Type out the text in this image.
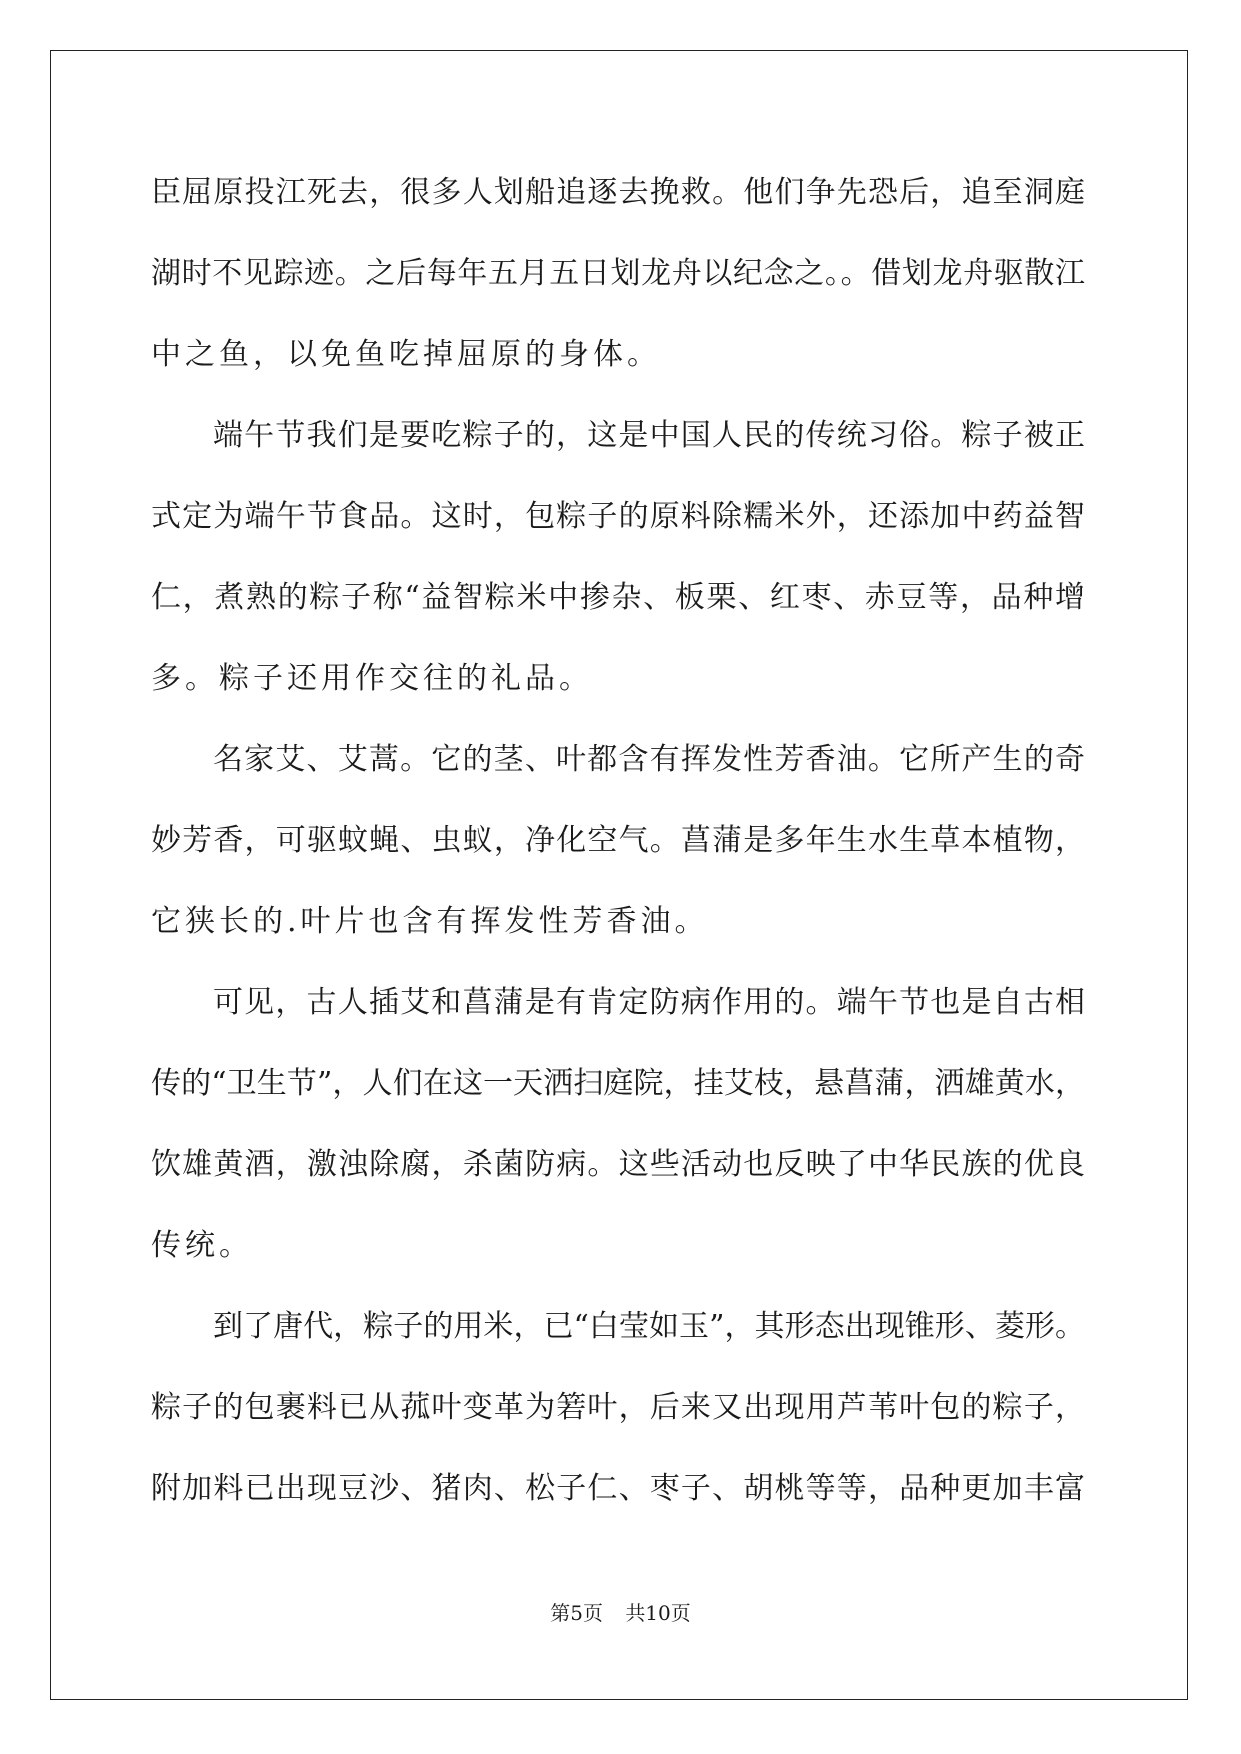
臣屈原投江死去，很多人划船追逐去挽救。他们争先恐后，追至洞庭
湖时不见踪迹。之后每年五月五日划龙舟以纪念之。。借划龙舟驱散江
中之鱼，以免鱼吃掉屈原的身体。
端午节我们是要吃粽子的，这是中国人民的传统习俗。粽子被正
式定为端午节食品。这时，包粽子的原料除糯米外，还添加中药益智
仁，煮熟的粽子称“益智粽米中掺杂、板栗、红枣、赤豆等，品种增
多。粽子还用作交往的礼品。
名家艾、艾蒿。它的茎、叶都含有挥发性芳香油。它所产生的奇
妙芳香，可驱蚊蝇、虫蚁，净化空气。菖蒲是多年生水生草本植物，
它狭长的.叶片也含有挥发性芳香油。
可见，古人插艾和菖蒲是有肯定防病作用的。端午节也是自古相
传的“卫生节”，人们在这一天洒扫庭院，挂艾枝，悬菖蒲，洒雄黄水，
饮雄黄酒，激浊除腐，杀菌防病。这些活动也反映了中华民族的优良
传统。
到了唐代，粽子的用米，已“白莹如玉”，其形态出现锥形、菱形。
粽子的包裹料已从菰叶变革为箬叶，后来又出现用芦苇叶包的粽子，
附加料已出现豆沙、猪肉、松子仁、枣子、胡桃等等，品种更加丰富
第5页 共10页
